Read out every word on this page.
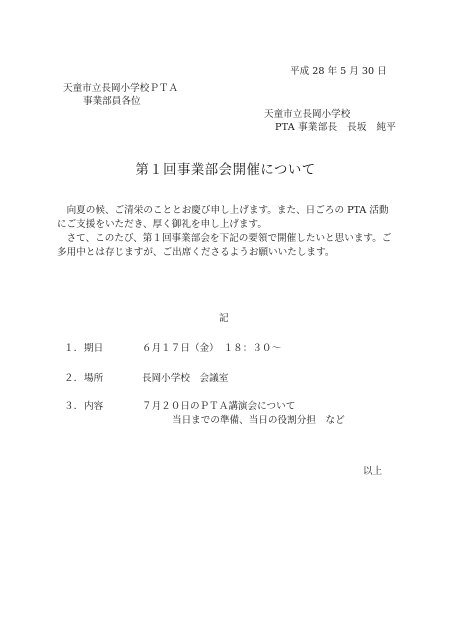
平成 28 年 5 月 30 日
天童市立長岡小学校ＰＴＡ
事業部員各位
天童市立長岡小学校
PTA 事業部長　長坂　純平
第１回事業部会開催について

向夏の候、ご清栄のこととお慶び申し上げます。また、日ごろの PTA 活動にご支援をいただき、厚く御礼を申し上げます。

さて、このたび、第１回事業部会を下記の要領で開催したいと思います。ご多用中とは存じますが、ご出席くださるようお願いいたします。

記
１． 期日	６月１７日（金）　１８：３０～
２． 場所	長岡小学校　会議室
３． 内容	７月２０日のＰＴＡ講演会について
当日までの準備、当日の役割分担　など
以上
